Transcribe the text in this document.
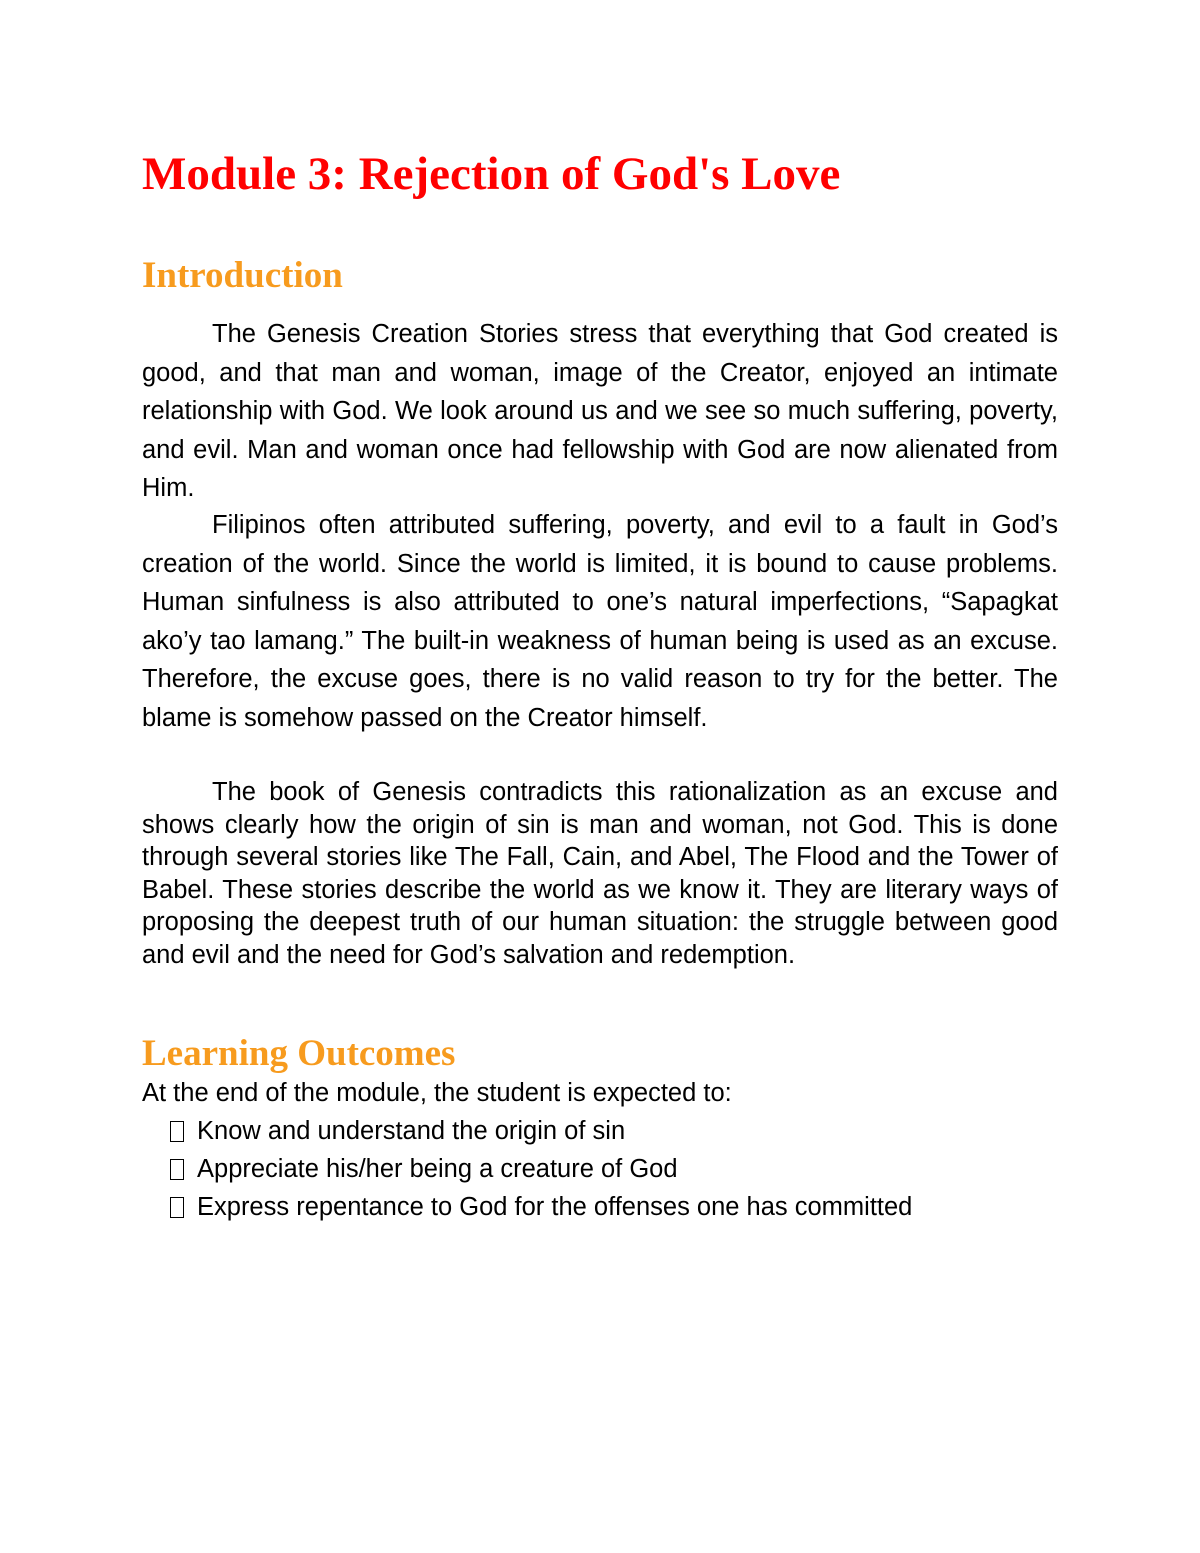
Module 3: Rejection of God's Love
Introduction

The Genesis Creation Stories stress that everything that God created is good, and that man and woman, image of the Creator, enjoyed an intimate relationship with God. We look around us and we see so much suffering, poverty, and evil. Man and woman once had fellowship with God are now alienated from Him.

Filipinos often attributed suffering, poverty, and evil to a fault in God’s creation of the world. Since the world is limited, it is bound to cause problems. Human sinfulness is also attributed to one’s natural imperfections, “Sapagkat ako’y tao lamang.” The built-in weakness of human being is used as an excuse. Therefore, the excuse goes, there is no valid reason to try for the better. The blame is somehow passed on the Creator himself.

The book of Genesis contradicts this rationalization as an excuse and shows clearly how the origin of sin is man and woman, not God. This is done through several stories like The Fall, Cain, and Abel, The Flood and the Tower of Babel. These stories describe the world as we know it. They are literary ways of proposing the deepest truth of our human situation: the struggle between good and evil and the need for God’s salvation and redemption.

Learning Outcomes

At the end of the module, the student is expected to:

Know and understand the origin of sin
Appreciate his/her being a creature of God
Express repentance to God for the offenses one has committed
